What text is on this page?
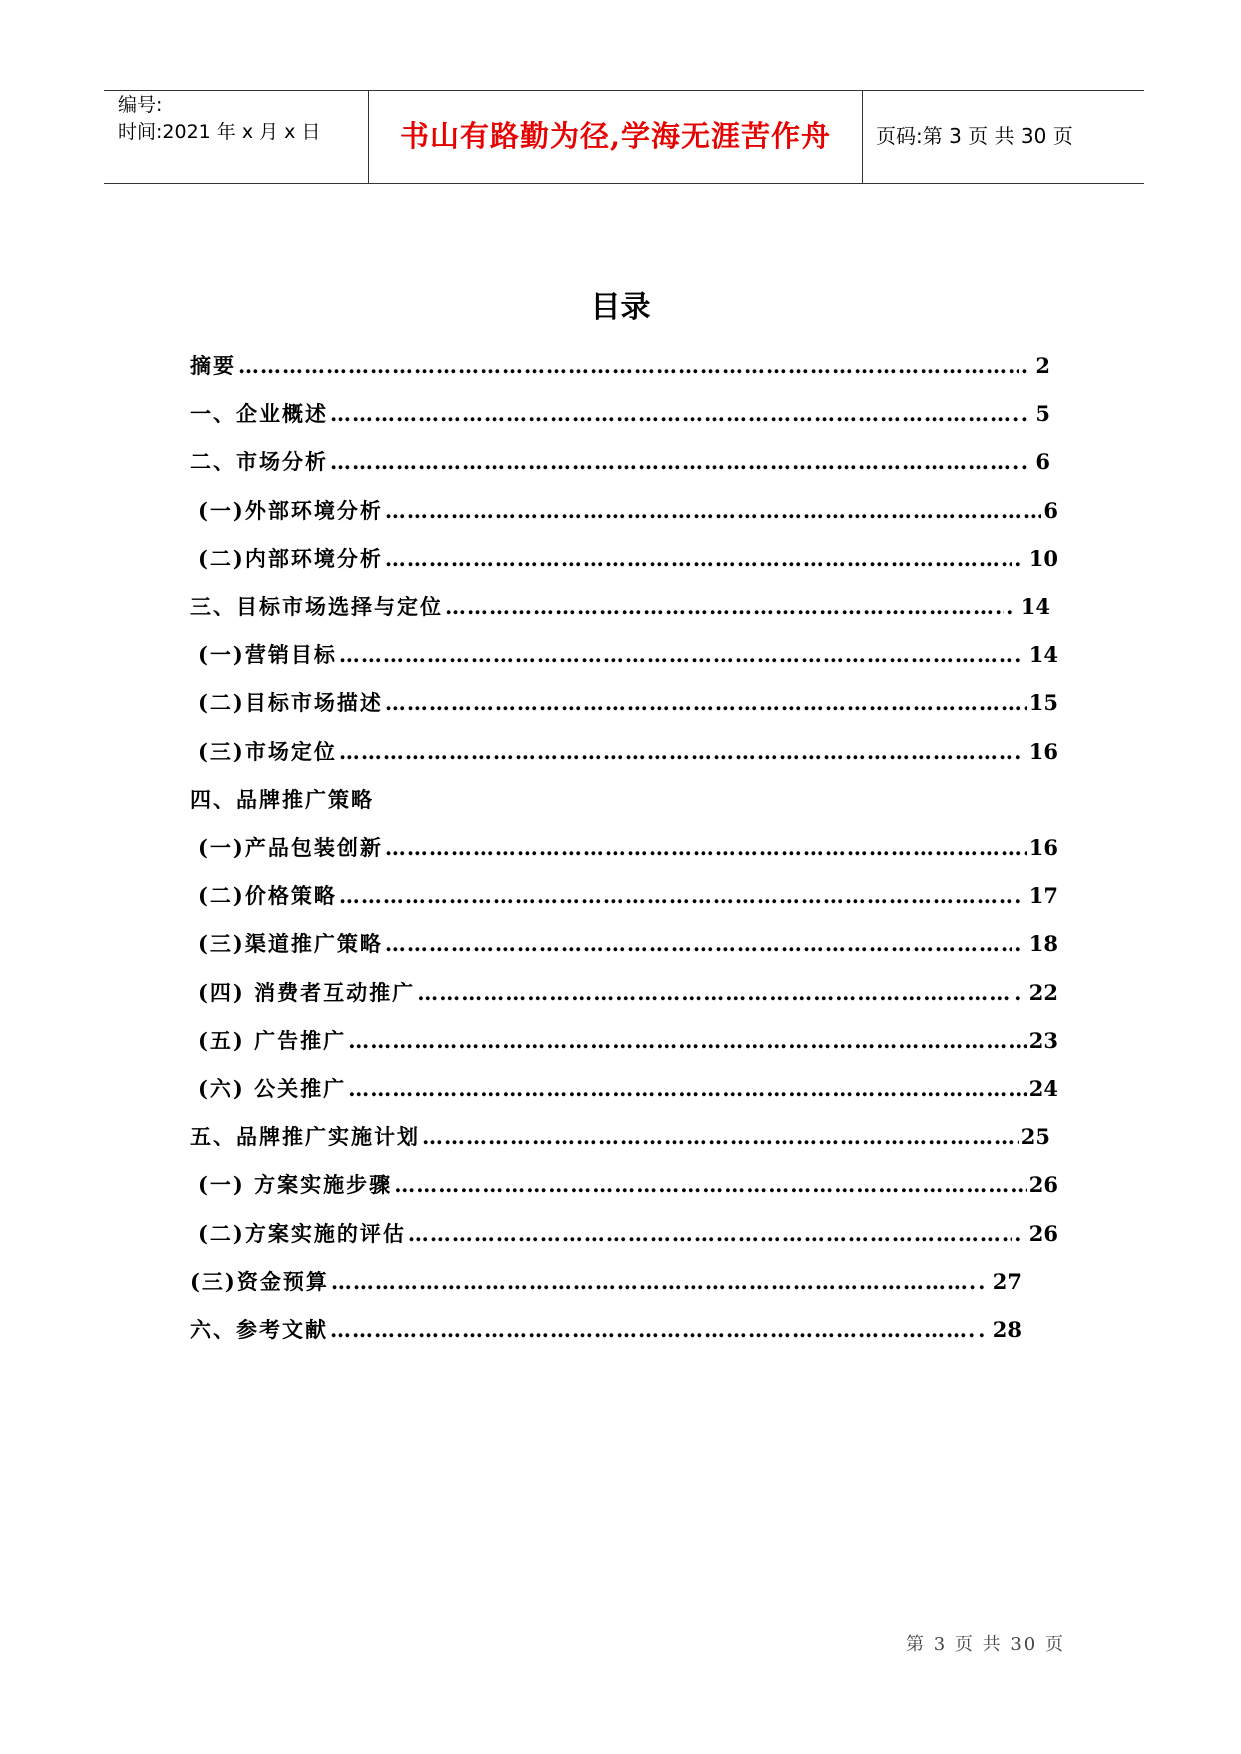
编号:
时间:2021 年 x 月 x 日	书山有路勤为径,学海无涯苦作舟	页码:第 3 页 共 30 页
目录
摘要 ……………………………………………………………………………………………………………………………………………………………………………………………………	. 2
一、企业概述 ……………………………………………………………………………………………………………………………………………………………………………………………………	. 5
二、市场分析 ……………………………………………………………………………………………………………………………………………………………………………………………………	. 6
(一)外部环境分析 ……………………………………………………………………………………………………………………………………………………………………………………………………	6
(二)内部环境分析 ……………………………………………………………………………………………………………………………………………………………………………………………………	. 10
三、目标市场选择与定位 ……………………………………………………………………………………………………………………………………………………………………………………………………	. 14
(一)营销目标 ……………………………………………………………………………………………………………………………………………………………………………………………………	. 14
(二)目标市场描述 ……………………………………………………………………………………………………………………………………………………………………………………………………	15
(三)市场定位 ……………………………………………………………………………………………………………………………………………………………………………………………………	. 16
四、品牌推广策略
(一)产品包装创新 ……………………………………………………………………………………………………………………………………………………………………………………………………	16
(二)价格策略 ……………………………………………………………………………………………………………………………………………………………………………………………………	. 17
(三)渠道推广策略 ……………………………………………………………………………………………………………………………………………………………………………………………………	. 18
(四) 消费者互动推广 ……………………………………………………………………………………………………………………………………………………………………………………………………	. 22
(五) 广告推广 ……………………………………………………………………………………………………………………………………………………………………………………………………	23
(六) 公关推广 ……………………………………………………………………………………………………………………………………………………………………………………………………	24
五、品牌推广实施计划 ……………………………………………………………………………………………………………………………………………………………………………………………………	25
(一) 方案实施步骤 ……………………………………………………………………………………………………………………………………………………………………………………………………	26
(二)方案实施的评估 ……………………………………………………………………………………………………………………………………………………………………………………………………	. 26
(三)资金预算 ……………………………………………………………………………………………………………………………………………………………………………………………………	. 27
六、参考文献 ……………………………………………………………………………………………………………………………………………………………………………………………………	. 28
第 3 页 共 30 页
